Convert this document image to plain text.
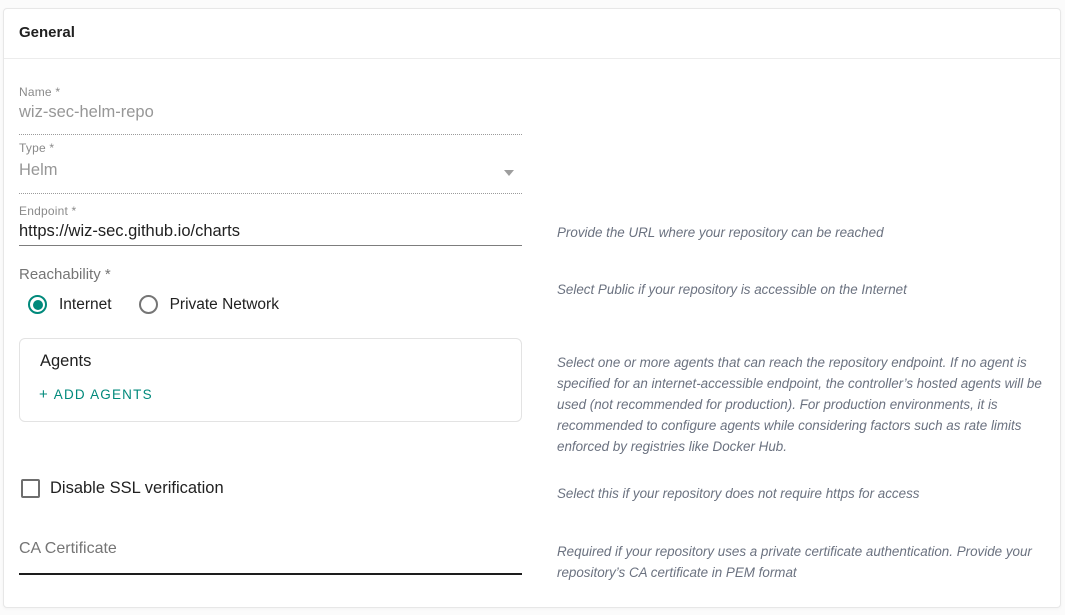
General
Name *
wiz-sec-helm-repo
Type *
Helm
Endpoint *
https://wiz-sec.github.io/charts	Provide the URL where your repository can be reached
Reachability *
Internet	Private Network
Select Public if your repository is accessible on the Internet
Agents
+ ADD AGENTS
Select one or more agents that can reach the repository endpoint. If no agent is specified for an internet-accessible endpoint, the controller’s hosted agents will be used (not recommended for production). For production environments, it is recommended to configure agents while considering factors such as rate limits enforced by registries like Docker Hub.
Disable SSL verification	Select this if your repository does not require https for access
CA Certificate	Required if your repository uses a private certificate authentication. Provide your repository’s CA certificate in PEM format
